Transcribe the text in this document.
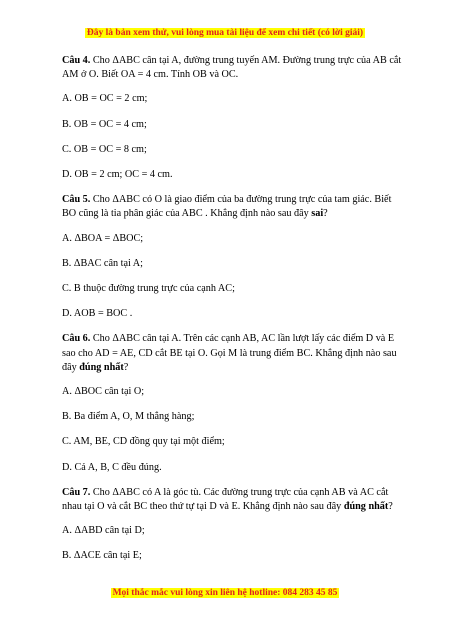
Đây là bản xem thử, vui lòng mua tài liệu để xem chi tiết (có lời giải)

Câu 4. Cho ΔABC cân tại A, đường trung tuyến AM. Đường trung trực của AB cắt AM ở O. Biết OA = 4 cm. Tính OB và OC.

A. OB = OC = 2 cm;

B. OB = OC = 4 cm;

C. OB = OC = 8 cm;

D. OB = 2 cm; OC = 4 cm.

Câu 5. Cho ΔABC có O là giao điểm của ba đường trung trực của tam giác. Biết BO cũng là tia phân giác của ABC . Khẳng định nào sau đây sai?

A. ΔBOA = ΔBOC;

B. ΔBAC cân tại A;

C. B thuộc đường trung trực của cạnh AC;

D. AOB = BOC .

Câu 6. Cho ΔABC cân tại A. Trên các cạnh AB, AC lần lượt lấy các điểm D và E sao cho AD = AE, CD cắt BE tại O. Gọi M là trung điểm BC. Khẳng định nào sau đây đúng nhất?

A. ΔBOC cân tại O;

B. Ba điểm A, O, M thẳng hàng;

C. AM, BE, CD đồng quy tại một điểm;

D. Cả A, B, C đều đúng.

Câu 7. Cho ΔABC có A là góc tù. Các đường trung trực của cạnh AB và AC cắt nhau tại O và cắt BC theo thứ tự tại D và E. Khẳng định nào sau đây đúng nhất?

A. ΔABD cân tại D;

B. ΔACE cân tại E;

Mọi thắc mắc vui lòng xin liên hệ hotline: 084 283 45 85
